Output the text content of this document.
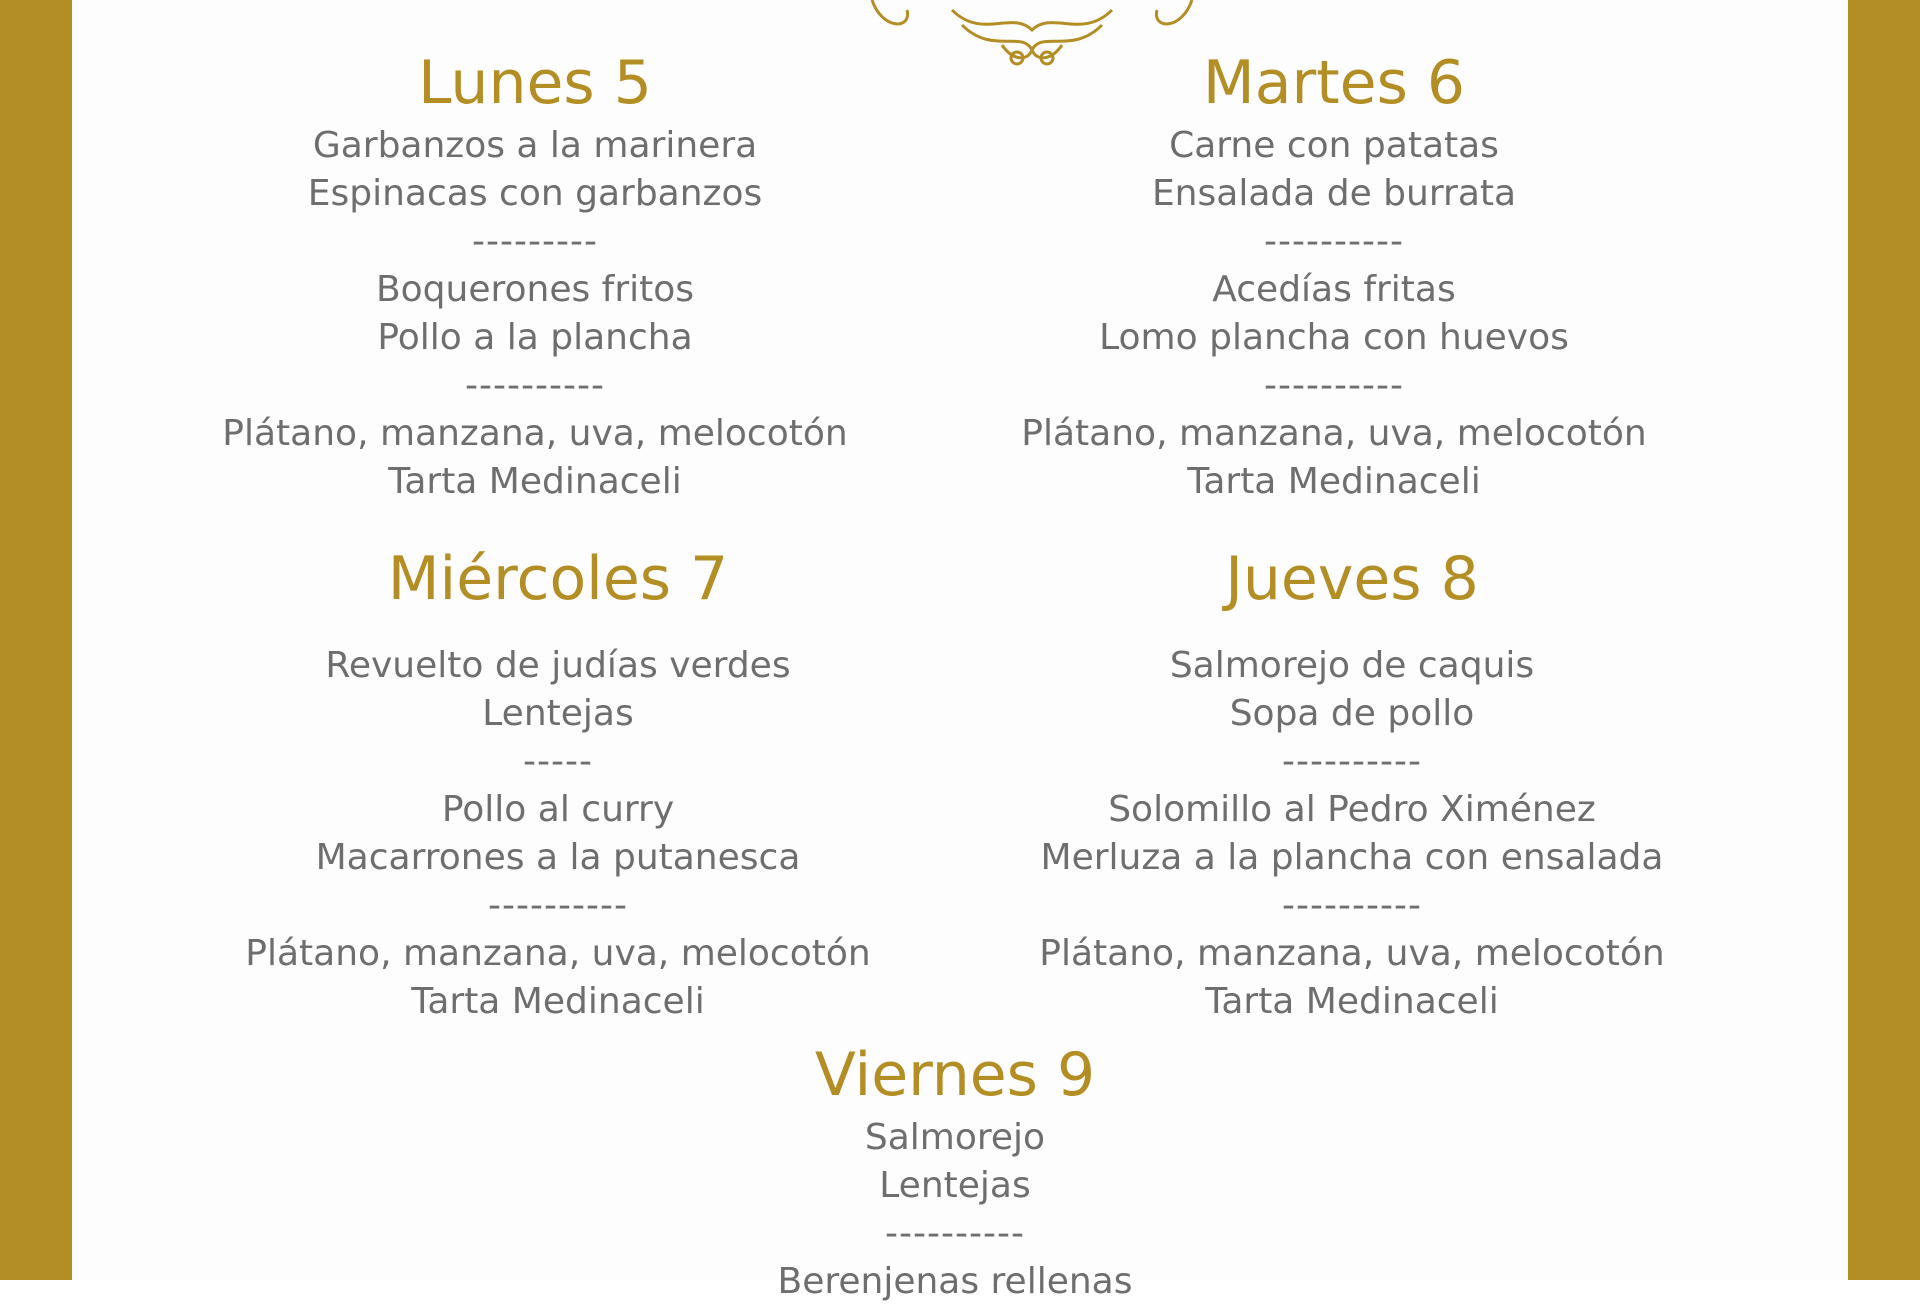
Lunes 5
Garbanzos a la marinera
Espinacas con garbanzos
---------
Boquerones fritos
Pollo a la plancha
----------
Plátano, manzana, uva, melocotón
Tarta Medinaceli
Martes 6
Carne con patatas
Ensalada de burrata
----------
Acedías fritas
Lomo plancha con huevos
----------
Plátano, manzana, uva, melocotón
Tarta Medinaceli
Miércoles 7
Revuelto de judías verdes
Lentejas
-----
Pollo al curry
Macarrones a la putanesca
----------
Plátano, manzana, uva, melocotón
Tarta Medinaceli
Jueves 8
Salmorejo de caquis
Sopa de pollo
----------
Solomillo al Pedro Ximénez
Merluza a la plancha con ensalada
----------
Plátano, manzana, uva, melocotón
Tarta Medinaceli
Viernes 9
Salmorejo
Lentejas
----------
Berenjenas rellenas
